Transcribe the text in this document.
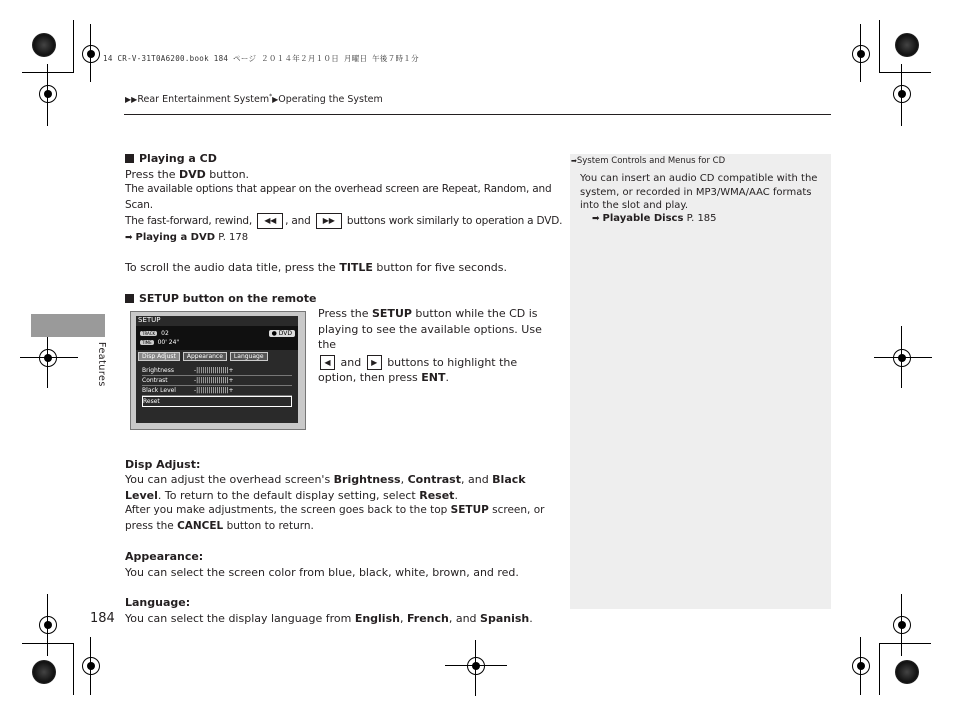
14 CR-V-31T0A6200.book 184 ページ ２０１４年２月１０日 月曜日 午後７時１分
▶▶Rear Entertainment System*▶Operating the System
Features
184

Playing a CD

Press the DVD button.

The available options that appear on the overhead screen are Repeat, Random, and Scan.

The fast-forward, rewind, ◀◀ , and ▶▶ buttons work similarly to operation a DVD.

➡ Playing a DVD P. 178

To scroll the audio data title, press the TITLE button for five seconds.

SETUP button on the remote

Press the SETUP button while the CD is playing to see the available options. Use the

◀ and ▶ buttons to highlight the option, then press ENT.

Disp Adjust:

You can adjust the overhead screen's Brightness, Contrast, and Black Level. To return to the default display setting, select Reset.

After you make adjustments, the screen goes back to the top SETUP screen, or press the CANCEL button to return.

Appearance:

You can select the screen color from blue, black, white, brown, and red.

Language:

You can select the display language from English, French, and Spanish.

SETUP
TRACK 02
TIME 00' 24"
● DVD
Disp Adjust	Appearance	Language
Brightness	-||||||||||||||||+
Contrast	-||||||||||||||||+
Black Level	-||||||||||||||||+
Reset
➡System Controls and Menus for CD
You can insert an audio CD compatible with the system, or recorded in MP3/WMA/AAC formats into the slot and play.
➡ Playable Discs P. 185
